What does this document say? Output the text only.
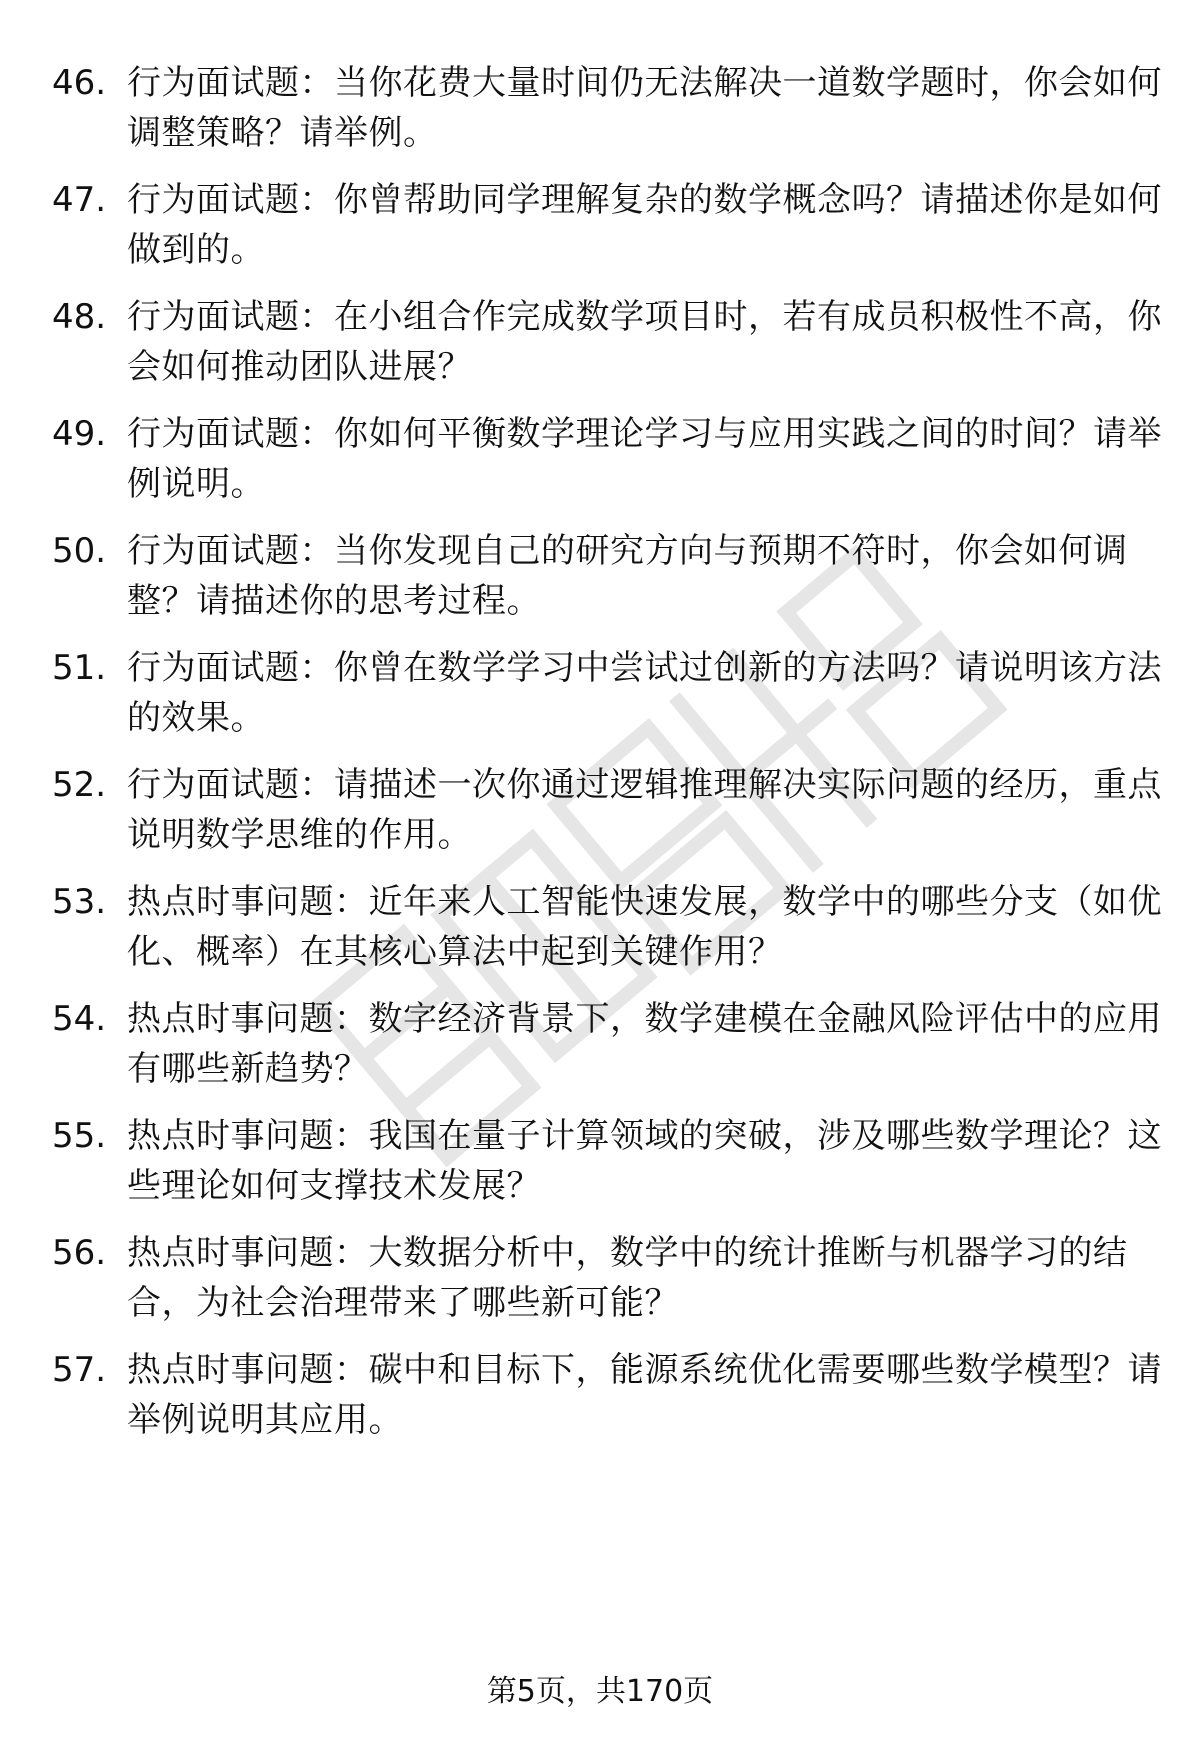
46. 行为面试题：当你花费大量时间仍无法解决一道数学题时，你会如何调整策略？请举例。
47. 行为面试题：你曾帮助同学理解复杂的数学概念吗？请描述你是如何做到的。
48. 行为面试题：在小组合作完成数学项目时，若有成员积极性不高，你会如何推动团队进展？
49. 行为面试题：你如何平衡数学理论学习与应用实践之间的时间？请举例说明。
50. 行为面试题：当你发现自己的研究方向与预期不符时，你会如何调整？请描述你的思考过程。
51. 行为面试题：你曾在数学学习中尝试过创新的方法吗？请说明该方法的效果。
52. 行为面试题：请描述一次你通过逻辑推理解决实际问题的经历，重点说明数学思维的作用。
53. 热点时事问题：近年来人工智能快速发展，数学中的哪些分支（如优化、概率）在其核心算法中起到关键作用？
54. 热点时事问题：数字经济背景下，数学建模在金融风险评估中的应用有哪些新趋势？
55. 热点时事问题：我国在量子计算领域的突破，涉及哪些数学理论？这些理论如何支撑技术发展？
56. 热点时事问题：大数据分析中，数学中的统计推断与机器学习的结合，为社会治理带来了哪些新可能？
57. 热点时事问题：碳中和目标下，能源系统优化需要哪些数学模型？请举例说明其应用。
第5页，共170页
